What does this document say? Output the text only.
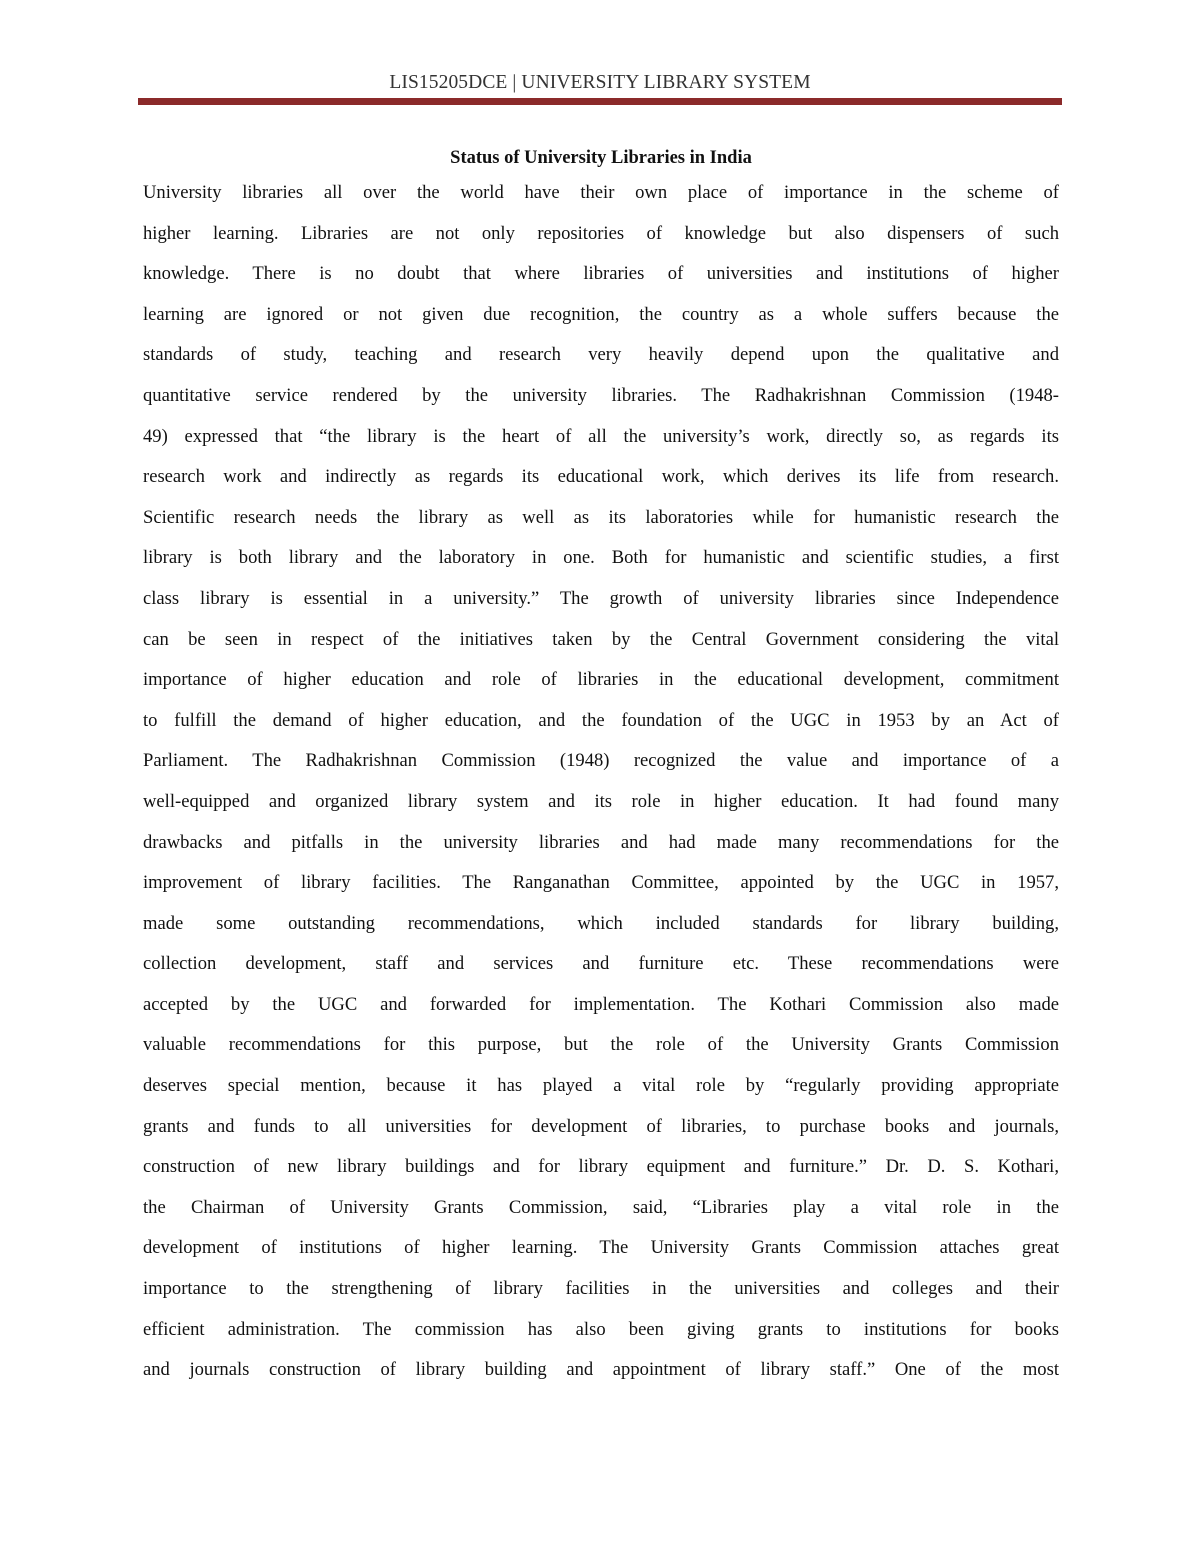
LIS15205DCE | UNIVERSITY LIBRARY SYSTEM
Status of University Libraries in India
University libraries all over the world have their own place of importance in the scheme of
higher learning. Libraries are not only repositories of knowledge but also dispensers of such
knowledge. There is no doubt that where libraries of universities and institutions of higher
learning are ignored or not given due recognition, the country as a whole suffers because the
standards of study, teaching and research very heavily depend upon the qualitative and
quantitative service rendered by the university libraries. The Radhakrishnan Commission (1948-
49) expressed that “the library is the heart of all the university’s work, directly so, as regards its
research work and indirectly as regards its educational work, which derives its life from research.
Scientific research needs the library as well as its laboratories while for humanistic research the
library is both library and the laboratory in one. Both for humanistic and scientific studies, a first
class library is essential in a university.” The growth of university libraries since Independence
can be seen in respect of the initiatives taken by the Central Government considering the vital
importance of higher education and role of libraries in the educational development, commitment
to fulfill the demand of higher education, and the foundation of the UGC in 1953 by an Act of
Parliament. The Radhakrishnan Commission (1948) recognized the value and importance of a
well-equipped and organized library system and its role in higher education. It had found many
drawbacks and pitfalls in the university libraries and had made many recommendations for the
improvement of library facilities. The Ranganathan Committee, appointed by the UGC in 1957,
made some outstanding recommendations, which included standards for library building,
collection development, staff and services and furniture etc. These recommendations were
accepted by the UGC and forwarded for implementation. The Kothari Commission also made
valuable recommendations for this purpose, but the role of the University Grants Commission
deserves special mention, because it has played a vital role by “regularly providing appropriate
grants and funds to all universities for development of libraries, to purchase books and journals,
construction of new library buildings and for library equipment and furniture.” Dr. D. S. Kothari,
the Chairman of University Grants Commission, said, “Libraries play a vital role in the
development of institutions of higher learning. The University Grants Commission attaches great
importance to the strengthening of library facilities in the universities and colleges and their
efficient administration. The commission has also been giving grants to institutions for books
and journals construction of library building and appointment of library staff.” One of the most
